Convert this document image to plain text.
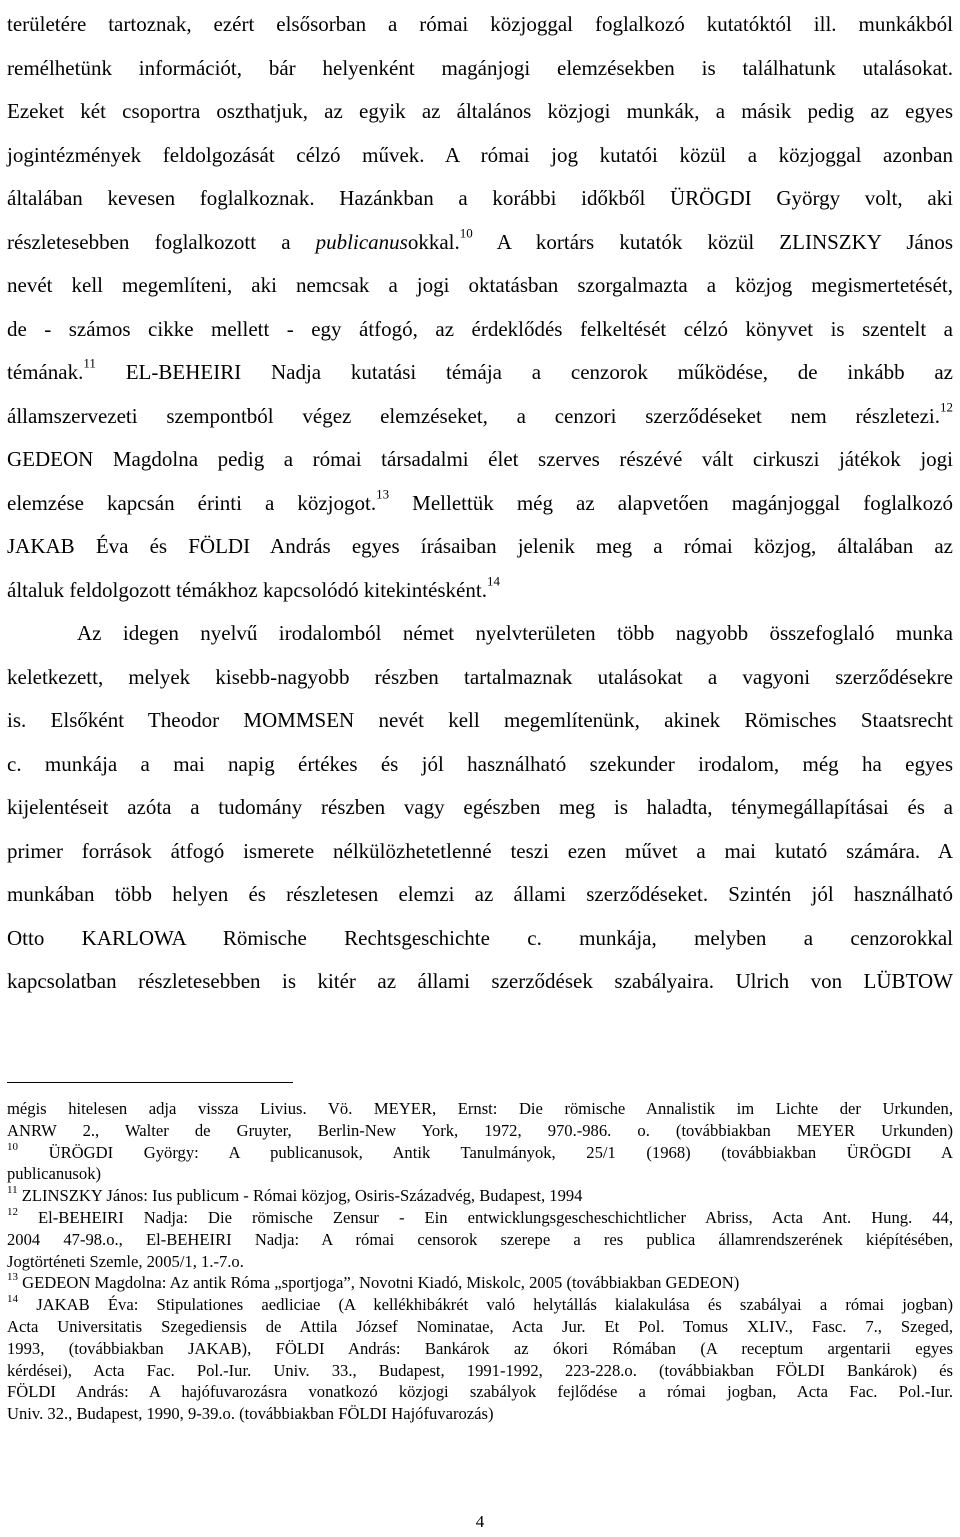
területére tartoznak, ezért elsősorban a római közjoggal foglalkozó kutatóktól ill. munkákból
remélhetünk információt, bár helyenként magánjogi elemzésekben is találhatunk utalásokat.
Ezeket két csoportra oszthatjuk, az egyik az általános közjogi munkák, a másik pedig az egyes
jogintézmények feldolgozását célzó művek. A római jog kutatói közül a közjoggal azonban
általában kevesen foglalkoznak. Hazánkban a korábbi időkből ÜRÖGDI György volt, aki
részletesebben foglalkozott a publicanusokkal.$^{10}$ A kortárs kutatók közül ZLINSZKY János
nevét kell megemlíteni, aki nemcsak a jogi oktatásban szorgalmazta a közjog megismertetését,
de - számos cikke mellett - egy átfogó, az érdeklődés felkeltését célzó könyvet is szentelt a
témának.$^{11}$ EL-BEHEIRI Nadja kutatási témája a cenzorok működése, de inkább az
államszervezeti szempontból végez elemzéseket, a cenzori szerződéseket nem részletezi.$^{12}$
GEDEON Magdolna pedig a római társadalmi élet szerves részévé vált cirkuszi játékok jogi
elemzése kapcsán érinti a közjogot.$^{13}$ Mellettük még az alapvetően magánjoggal foglalkozó
JAKAB Éva és FÖLDI András egyes írásaiban jelenik meg a római közjog, általában az
általuk feldolgozott témákhoz kapcsolódó kitekintésként.$^{14}$
Az idegen nyelvű irodalomból német nyelvterületen több nagyobb összefoglaló munka
keletkezett, melyek kisebb-nagyobb részben tartalmaznak utalásokat a vagyoni szerződésekre
is. Elsőként Theodor MOMMSEN nevét kell megemlítenünk, akinek Römisches Staatsrecht
c. munkája a mai napig értékes és jól használható szekunder irodalom, még ha egyes
kijelentéseit azóta a tudomány részben vagy egészben meg is haladta, ténymegállapításai és a
primer források átfogó ismerete nélkülözhetetlenné teszi ezen művet a mai kutató számára. A
munkában több helyen és részletesen elemzi az állami szerződéseket. Szintén jól használható
Otto KARLOWA Römische Rechtsgeschichte c. munkája, melyben a cenzorokkal
kapcsolatban részletesebben is kitér az állami szerződések szabályaira. Ulrich von LÜBTOW
mégis hitelesen adja vissza Livius. Vö. MEYER, Ernst: Die römische Annalistik im Lichte der Urkunden,
ANRW 2., Walter de Gruyter, Berlin-New York, 1972, 970.-986. o. (továbbiakban MEYER Urkunden)
$^{10}$ ÜRÖGDI György: A publicanusok, Antik Tanulmányok, 25/1 (1968) (továbbiakban ÜRÖGDI A
publicanusok)
$^{11}$ ZLINSZKY János: Ius publicum - Római közjog, Osiris-Századvég, Budapest, 1994
$^{12}$ El-BEHEIRI Nadja: Die römische Zensur - Ein entwicklungsgescheschichtlicher Abriss, Acta Ant. Hung. 44,
2004 47-98.o., El-BEHEIRI Nadja: A római censorok szerepe a res publica államrendszerének kiépítésében,
Jogtörténeti Szemle, 2005/1, 1.-7.o.
$^{13}$ GEDEON Magdolna: Az antik Róma „sportjoga”, Novotni Kiadó, Miskolc, 2005 (továbbiakban GEDEON)
$^{14}$ JAKAB Éva: Stipulationes aedliciae (A kellékhibákrét való helytállás kialakulása és szabályai a római jogban)
Acta Universitatis Szegediensis de Attila József Nominatae, Acta Jur. Et Pol. Tomus XLIV., Fasc. 7., Szeged,
1993, (továbbiakban JAKAB), FÖLDI András: Bankárok az ókori Rómában (A receptum argentarii egyes
kérdései), Acta Fac. Pol.-Iur. Univ. 33., Budapest, 1991-1992, 223-228.o. (továbbiakban FÖLDI Bankárok) és
FÖLDI András: A hajófuvarozásra vonatkozó közjogi szabályok fejlődése a római jogban, Acta Fac. Pol.-Iur.
Univ. 32., Budapest, 1990, 9-39.o. (továbbiakban FÖLDI Hajófuvarozás)
4
